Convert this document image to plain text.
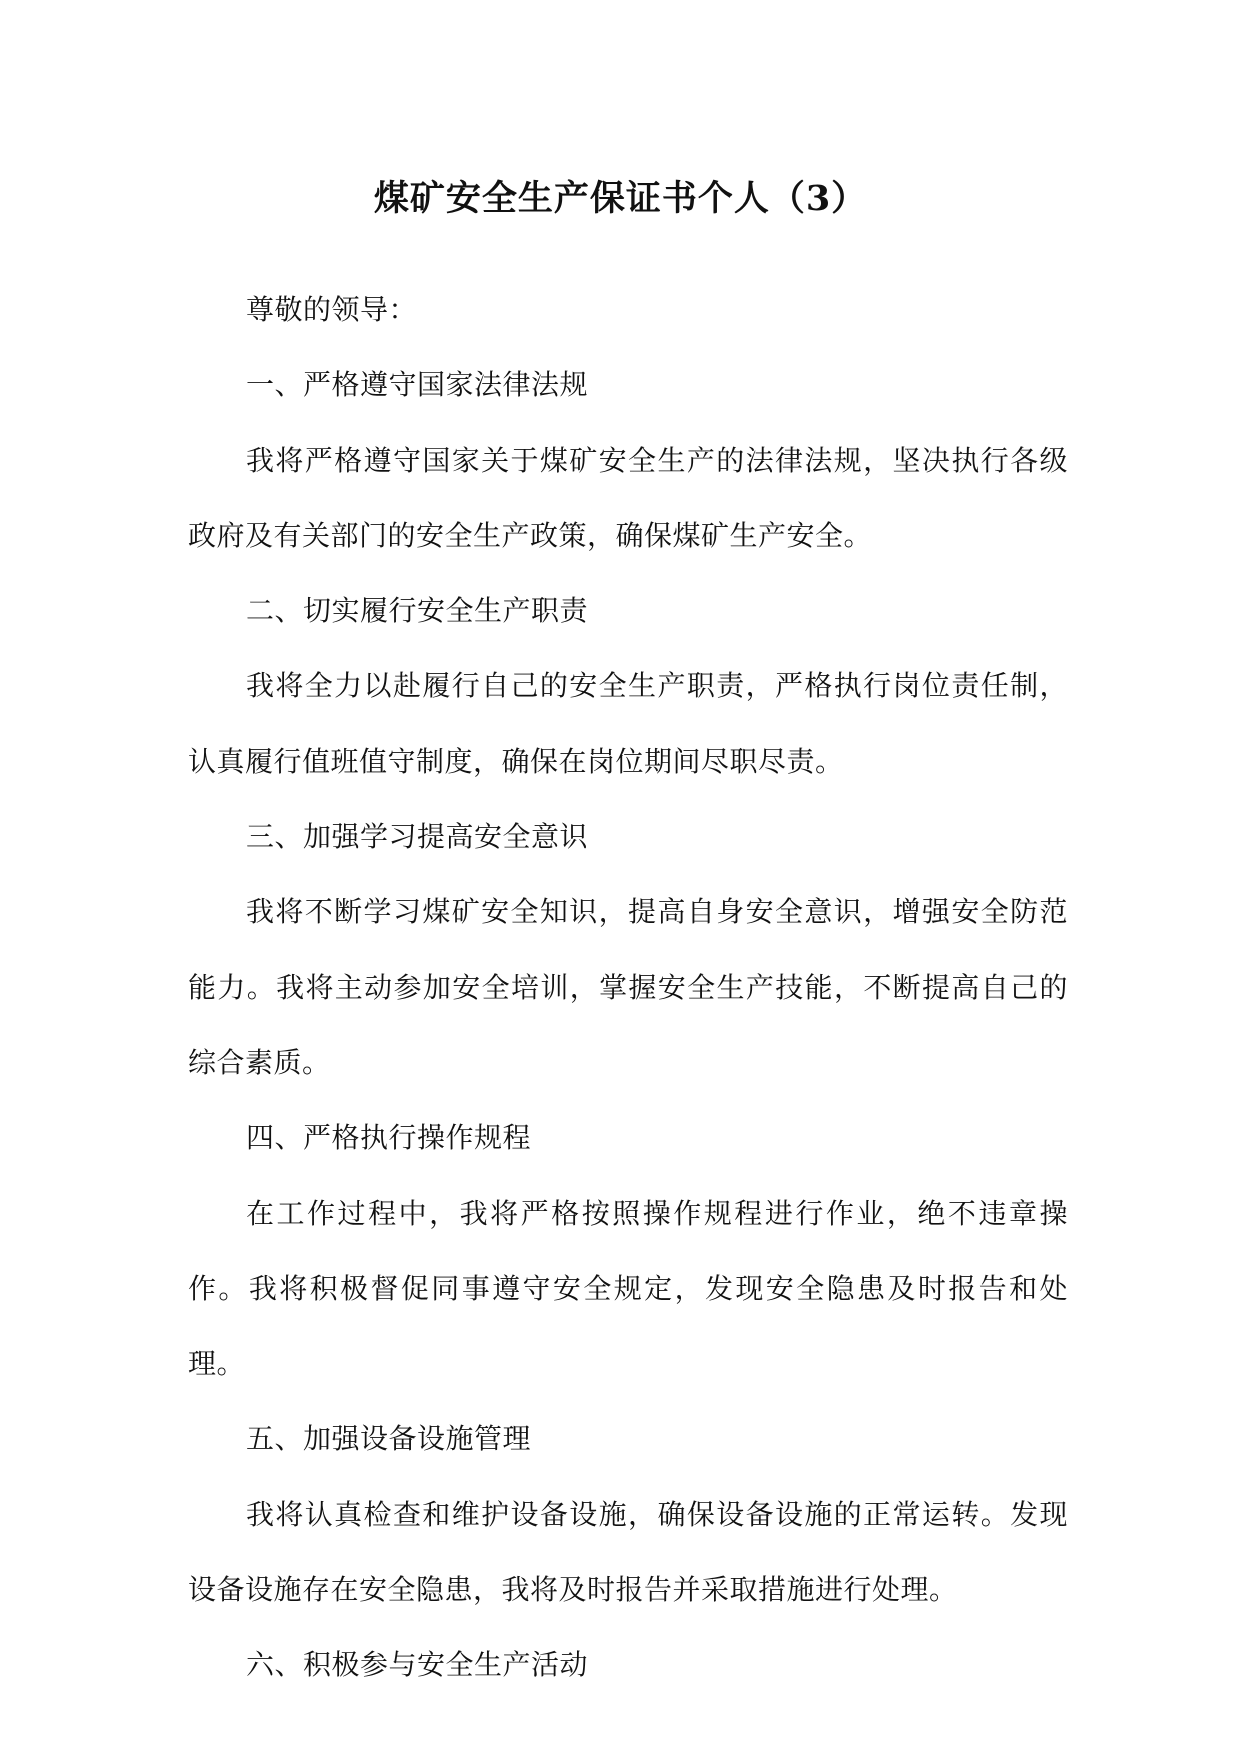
煤矿安全生产保证书个人（3）

尊敬的领导：

一、严格遵守国家法律法规

我将严格遵守国家关于煤矿安全生产的法律法规，坚决执行各级政府及有关部门的安全生产政策，确保煤矿生产安全。

二、切实履行安全生产职责

我将全力以赴履行自己的安全生产职责，严格执行岗位责任制，认真履行值班值守制度，确保在岗位期间尽职尽责。

三、加强学习提高安全意识

我将不断学习煤矿安全知识，提高自身安全意识，增强安全防范能力。我将主动参加安全培训，掌握安全生产技能，不断提高自己的综合素质。

四、严格执行操作规程

在工作过程中，我将严格按照操作规程进行作业，绝不违章操作。我将积极督促同事遵守安全规定，发现安全隐患及时报告和处理。

五、加强设备设施管理

我将认真检查和维护设备设施，确保设备设施的正常运转。发现设备设施存在安全隐患，我将及时报告并采取措施进行处理。

六、积极参与安全生产活动
